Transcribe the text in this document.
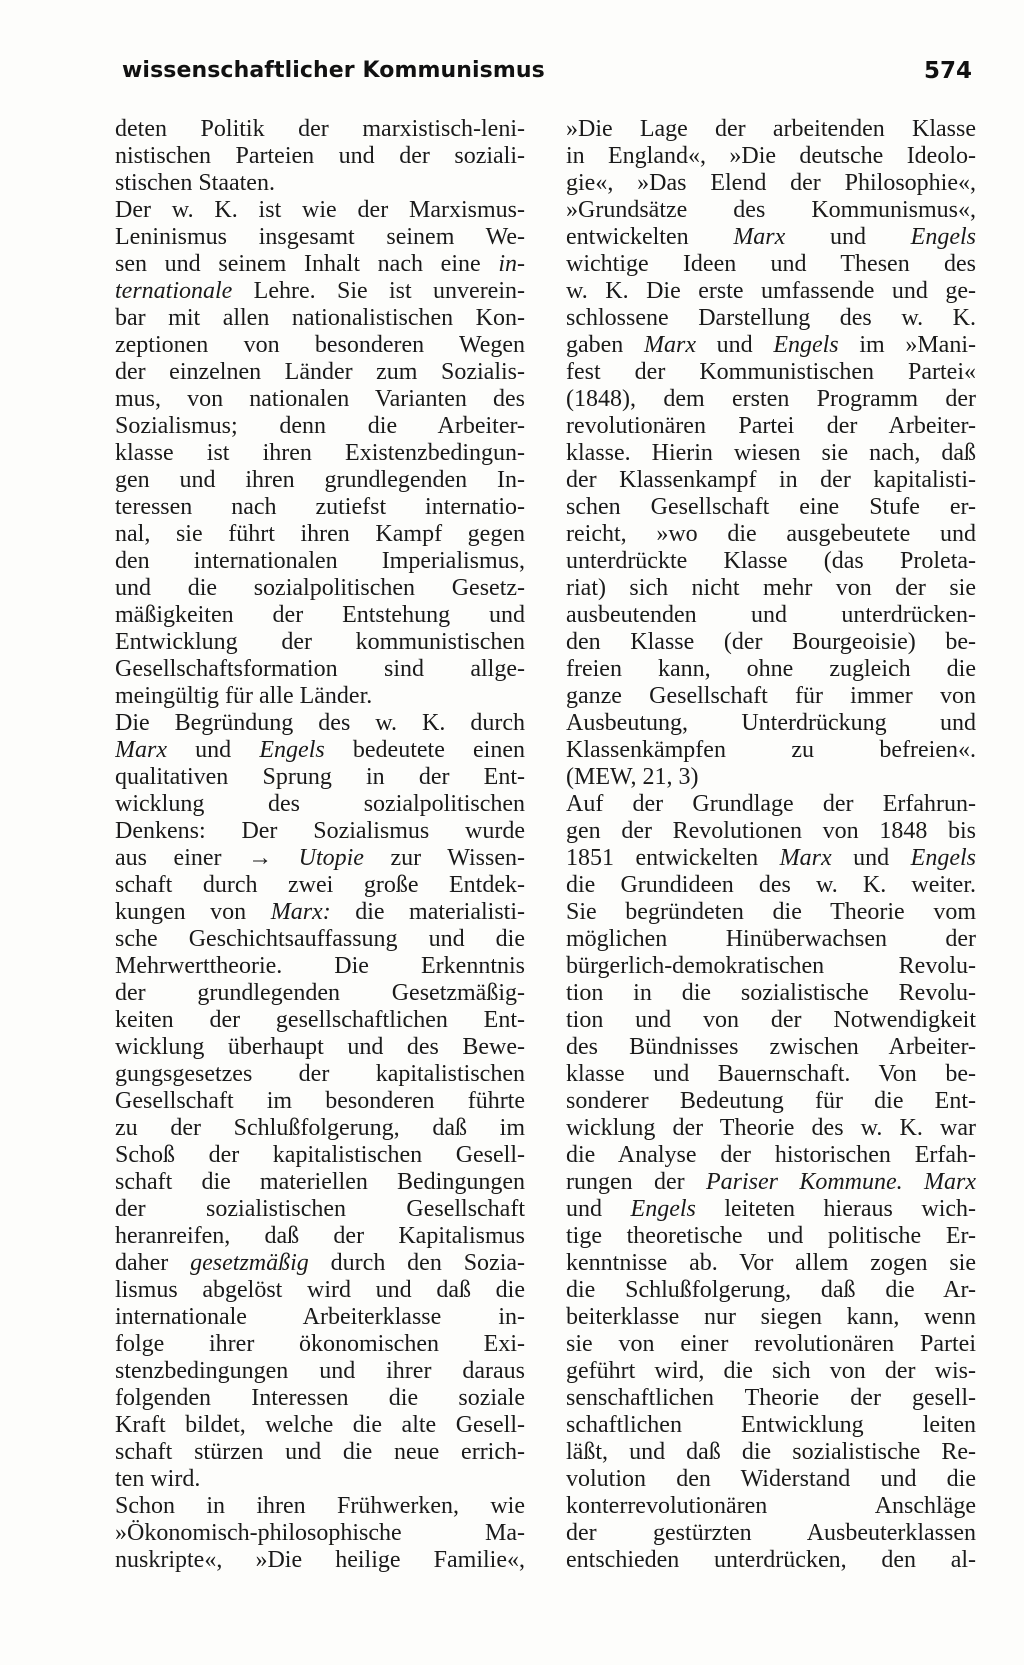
wissenschaftlicher Kommunismus	574
deten Politik der marxistisch-leni-
nistischen Parteien und der soziali-
stischen Staaten.
Der w. K. ist wie der Marxismus-
Leninismus insgesamt seinem We-
sen und seinem Inhalt nach eine in-
ternationale Lehre. Sie ist unverein-
bar mit allen nationalistischen Kon-
zeptionen von besonderen Wegen
der einzelnen Länder zum Sozialis-
mus, von nationalen Varianten des
Sozialismus; denn die Arbeiter-
klasse ist ihren Existenzbedingun-
gen und ihren grundlegenden In-
teressen nach zutiefst internatio-
nal, sie führt ihren Kampf gegen
den internationalen Imperialismus,
und die sozialpolitischen Gesetz-
mäßigkeiten der Entstehung und
Entwicklung der kommunistischen
Gesellschaftsformation sind allge-
meingültig für alle Länder.
Die Begründung des w. K. durch
Marx und Engels bedeutete einen
qualitativen Sprung in der Ent-
wicklung des sozialpolitischen
Denkens: Der Sozialismus wurde
aus einer → Utopie zur Wissen-
schaft durch zwei große Entdek-
kungen von Marx: die materialisti-
sche Geschichtsauffassung und die
Mehrwerttheorie. Die Erkenntnis
der grundlegenden Gesetzmäßig-
keiten der gesellschaftlichen Ent-
wicklung überhaupt und des Bewe-
gungsgesetzes der kapitalistischen
Gesellschaft im besonderen führte
zu der Schlußfolgerung, daß im
Schoß der kapitalistischen Gesell-
schaft die materiellen Bedingungen
der sozialistischen Gesellschaft
heranreifen, daß der Kapitalismus
daher gesetzmäßig durch den Sozia-
lismus abgelöst wird und daß die
internationale Arbeiterklasse in-
folge ihrer ökonomischen Exi-
stenzbedingungen und ihrer daraus
folgenden Interessen die soziale
Kraft bildet, welche die alte Gesell-
schaft stürzen und die neue errich-
ten wird.
Schon in ihren Frühwerken, wie
»Ökonomisch-philosophische Ma-
nuskripte«, »Die heilige Familie«,
»Die Lage der arbeitenden Klasse
in England«, »Die deutsche Ideolo-
gie«, »Das Elend der Philosophie«,
»Grundsätze des Kommunismus«,
entwickelten Marx und Engels
wichtige Ideen und Thesen des
w. K. Die erste umfassende und ge-
schlossene Darstellung des w. K.
gaben Marx und Engels im »Mani-
fest der Kommunistischen Partei«
(1848), dem ersten Programm der
revolutionären Partei der Arbeiter-
klasse. Hierin wiesen sie nach, daß
der Klassenkampf in der kapitalisti-
schen Gesellschaft eine Stufe er-
reicht, »wo die ausgebeutete und
unterdrückte Klasse (das Proleta-
riat) sich nicht mehr von der sie
ausbeutenden und unterdrücken-
den Klasse (der Bourgeoisie) be-
freien kann, ohne zugleich die
ganze Gesellschaft für immer von
Ausbeutung, Unterdrückung und
Klassenkämpfen zu befreien«.
(MEW, 21, 3)
Auf der Grundlage der Erfahrun-
gen der Revolutionen von 1848 bis
1851 entwickelten Marx und Engels
die Grundideen des w. K. weiter.
Sie begründeten die Theorie vom
möglichen Hinüberwachsen der
bürgerlich-demokratischen Revolu-
tion in die sozialistische Revolu-
tion und von der Notwendigkeit
des Bündnisses zwischen Arbeiter-
klasse und Bauernschaft. Von be-
sonderer Bedeutung für die Ent-
wicklung der Theorie des w. K. war
die Analyse der historischen Erfah-
rungen der Pariser Kommune. Marx
und Engels leiteten hieraus wich-
tige theoretische und politische Er-
kenntnisse ab. Vor allem zogen sie
die Schlußfolgerung, daß die Ar-
beiterklasse nur siegen kann, wenn
sie von einer revolutionären Partei
geführt wird, die sich von der wis-
senschaftlichen Theorie der gesell-
schaftlichen Entwicklung leiten
läßt, und daß die sozialistische Re-
volution den Widerstand und die
konterrevolutionären Anschläge
der gestürzten Ausbeuterklassen
entschieden unterdrücken, den al-
